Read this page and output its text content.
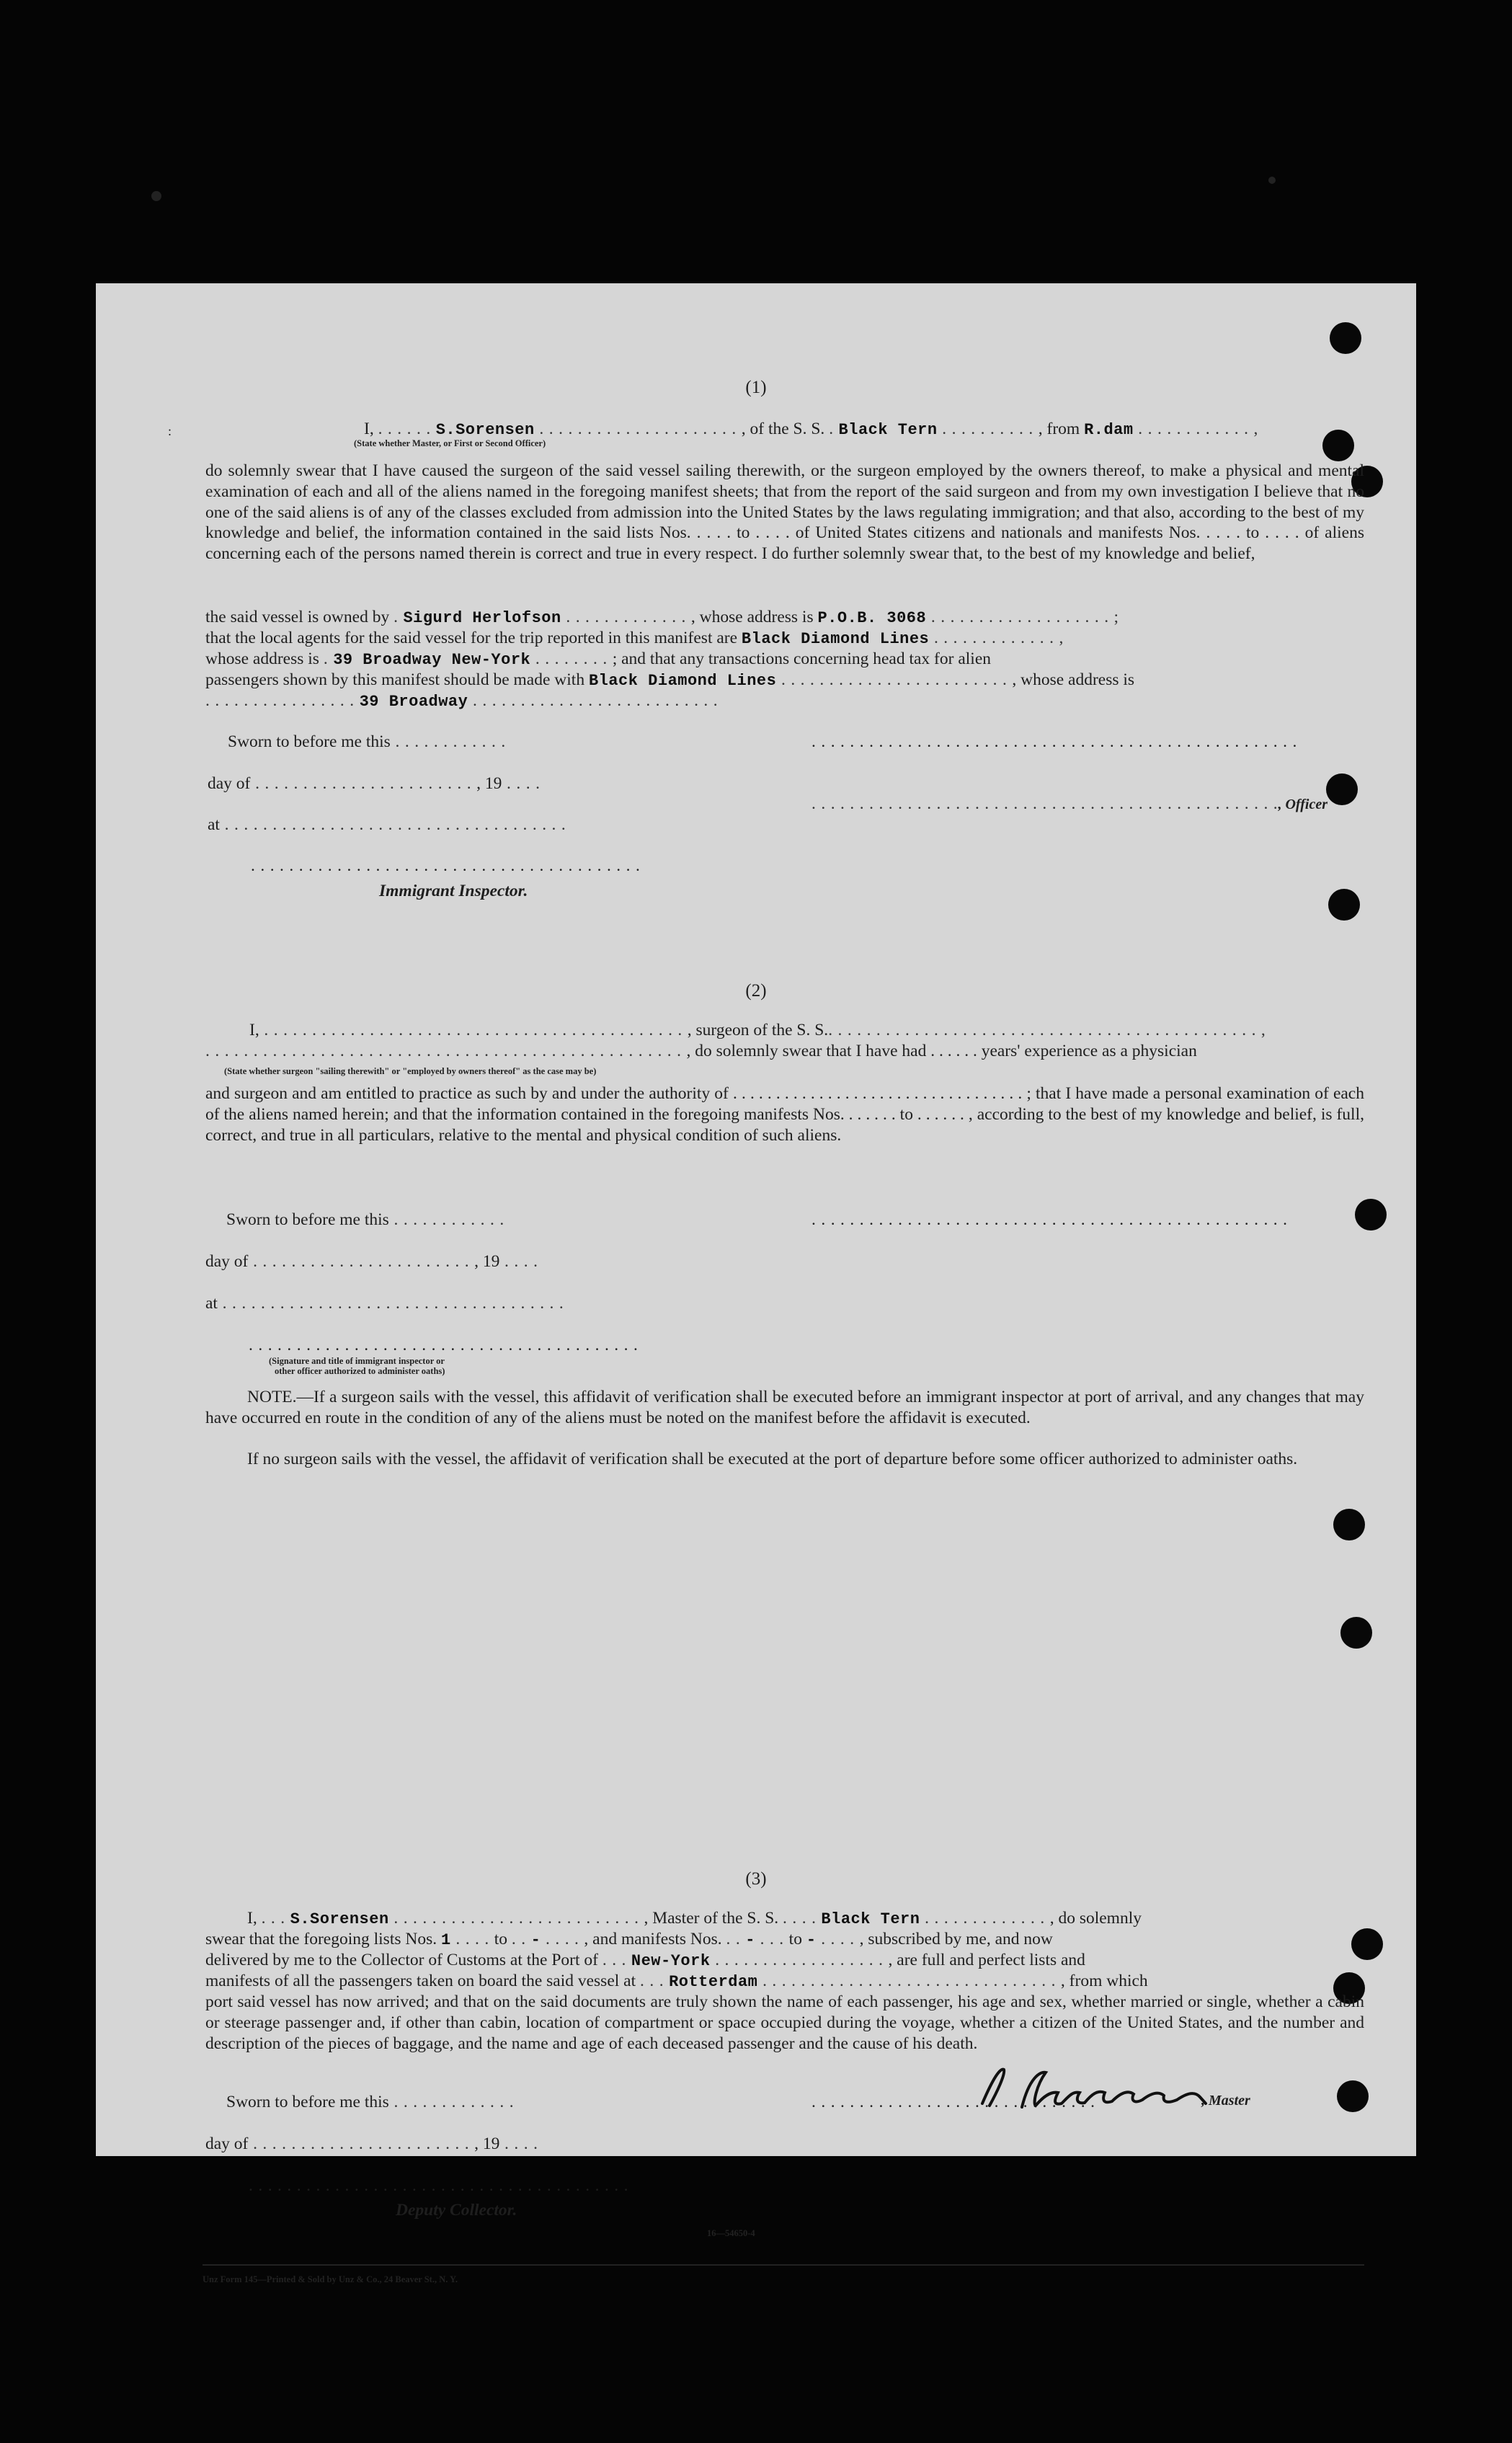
(1)
:	I, . . . . . . S.Sorensen . . . . . . . . . . . . . . . . . . . . . , of the S. S. . Black Tern . . . . . . . . . . , from R.dam . . . . . . . . . . . . ,
(State whether Master, or First or Second Officer)

do solemnly swear that I have caused the surgeon of the said vessel sailing therewith, or the surgeon employed by the owners thereof, to make a physical and mental examination of each and all of the aliens named in the foregoing manifest sheets; that from the report of the said surgeon and from my own investigation I believe that no one of the said aliens is of any of the classes excluded from admission into the United States by the laws regulating immigration; and that also, according to the best of my knowledge and belief, the information contained in the said lists Nos. . . . . to . . . . of United States citizens and nationals and manifests Nos. . . . . to . . . . of aliens concerning each of the persons named therein is correct and true in every respect. I do further solemnly swear that, to the best of my knowledge and belief,

the said vessel is owned by . Sigurd Herlofson . . . . . . . . . . . . . , whose address is P.O.B. 3068 . . . . . . . . . . . . . . . . . . . ;
that the local agents for the said vessel for the trip reported in this manifest are Black Diamond Lines . . . . . . . . . . . . . ,
whose address is . 39 Broadway New-York . . . . . . . . ; and that any transactions concerning head tax for alien
passengers shown by this manifest should be made with Black Diamond Lines . . . . . . . . . . . . . . . . . . . . . . . . , whose address is
. . . . . . . . . . . . . . . . 39 Broadway . . . . . . . . . . . . . . . . . . . . . . . . . .
Sworn to before me this . . . . . . . . . . . .	. . . . . . . . . . . . . . . . . . . . . . . . . . . . . . . . . . . . . . . . . . . . . . . . . . .
day of . . . . . . . . . . . . . . . . . . . . . . . , 19 . . . .
. . . . . . . . . . . . . . . . . . . . . . . . . . . . . . . . . . . . . . . . . . . . . . . . ., Officer
at . . . . . . . . . . . . . . . . . . . . . . . . . . . . . . . . . . . .
. . . . . . . . . . . . . . . . . . . . . . . . . . . . . . . . . . . . . . . . .
Immigrant Inspector.
(2)
I, . . . . . . . . . . . . . . . . . . . . . . . . . . . . . . . . . . . . . . . . . . . . , surgeon of the S. S.. . . . . . . . . . . . . . . . . . . . . . . . . . . . . . . . . . . . . . . . . . . . . ,
. . . . . . . . . . . . . . . . . . . . . . . . . . . . . . . . . . . . . . . . . . . . . . . . . . , do solemnly swear that I have had . . . . . . years' experience as a physician
(State whether surgeon "sailing therewith" or "employed by owners thereof" as the case may be)

and surgeon and am entitled to practice as such by and under the authority of . . . . . . . . . . . . . . . . . . . . . . . . . . . . . . . . . . ; that I have made a personal examination of each of the aliens named herein; and that the information contained in the foregoing manifests Nos. . . . . . . to . . . . . . , according to the best of my knowledge and belief, is full, correct, and true in all particulars, relative to the mental and physical condition of such aliens.

Sworn to before me this . . . . . . . . . . . .	. . . . . . . . . . . . . . . . . . . . . . . . . . . . . . . . . . . . . . . . . . . . . . . . . .
day of . . . . . . . . . . . . . . . . . . . . . . . , 19 . . . .
at . . . . . . . . . . . . . . . . . . . . . . . . . . . . . . . . . . . .
. . . . . . . . . . . . . . . . . . . . . . . . . . . . . . . . . . . . . . . . .
(Signature and title of immigrant inspector or
other officer authorized to administer oaths)

NOTE.—If a surgeon sails with the vessel, this affidavit of verification shall be executed before an immigrant inspector at port of arrival, and any changes that may have occurred en route in the condition of any of the aliens must be noted on the manifest before the affidavit is executed.

If no surgeon sails with the vessel, the affidavit of verification shall be executed at the port of departure before some officer authorized to administer oaths.

(3)
I, . . . S.Sorensen . . . . . . . . . . . . . . . . . . . . . . . . . . , Master of the S. S. . . . . Black Tern . . . . . . . . . . . . . , do solemnly
swear that the foregoing lists Nos. 1 . . . . to . . - . . . . , and manifests Nos. . . - . . . to - . . . . , subscribed by me, and now
delivered by me to the Collector of Customs at the Port of . . . New-York . . . . . . . . . . . . . . . . . . , are full and perfect lists and
manifests of all the passengers taken on board the said vessel at . . . Rotterdam . . . . . . . . . . . . . . . . . . . . . . . . . . . . . . . , from which

port said vessel has now arrived; and that on the said documents are truly shown the name of each passenger, his age and sex, whether married or single, whether a cabin or steerage passenger and, if other than cabin, location of compartment or space occupied during the voyage, whether a citizen of the United States, and the number and description of the pieces of baggage, and the name and age of each deceased passenger and the cause of his death.

Sworn to before me this . . . . . . . . . . . . .	. . . . . . . . . . . . . . . . . . . . . . . . . . . . . .	, Master
day of . . . . . . . . . . . . . . . . . . . . . . . , 19 . . . .
. . . . . . . . . . . . . . . . . . . . . . . . . . . . . . . . . . . . . . . .
Deputy Collector.
16—54650-4
Unz Form 145—Printed & Sold by Unz & Co., 24 Beaver St., N. Y.
